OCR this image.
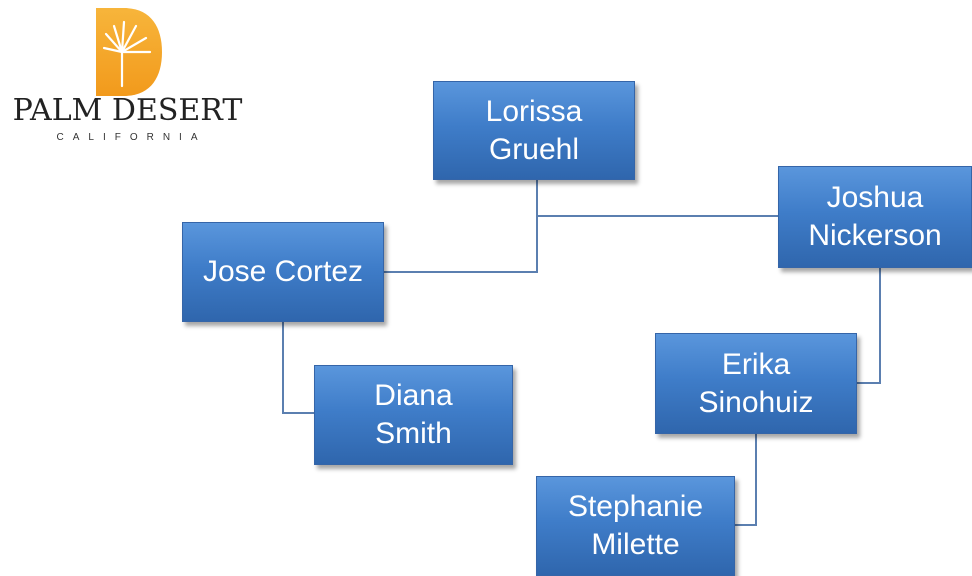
PALM DESERT
CALIFORNIA
Lorissa
Gruehl
Joshua
Nickerson
Jose Cortez
Diana
Smith
Erika
Sinohuiz
Stephanie
Milette
